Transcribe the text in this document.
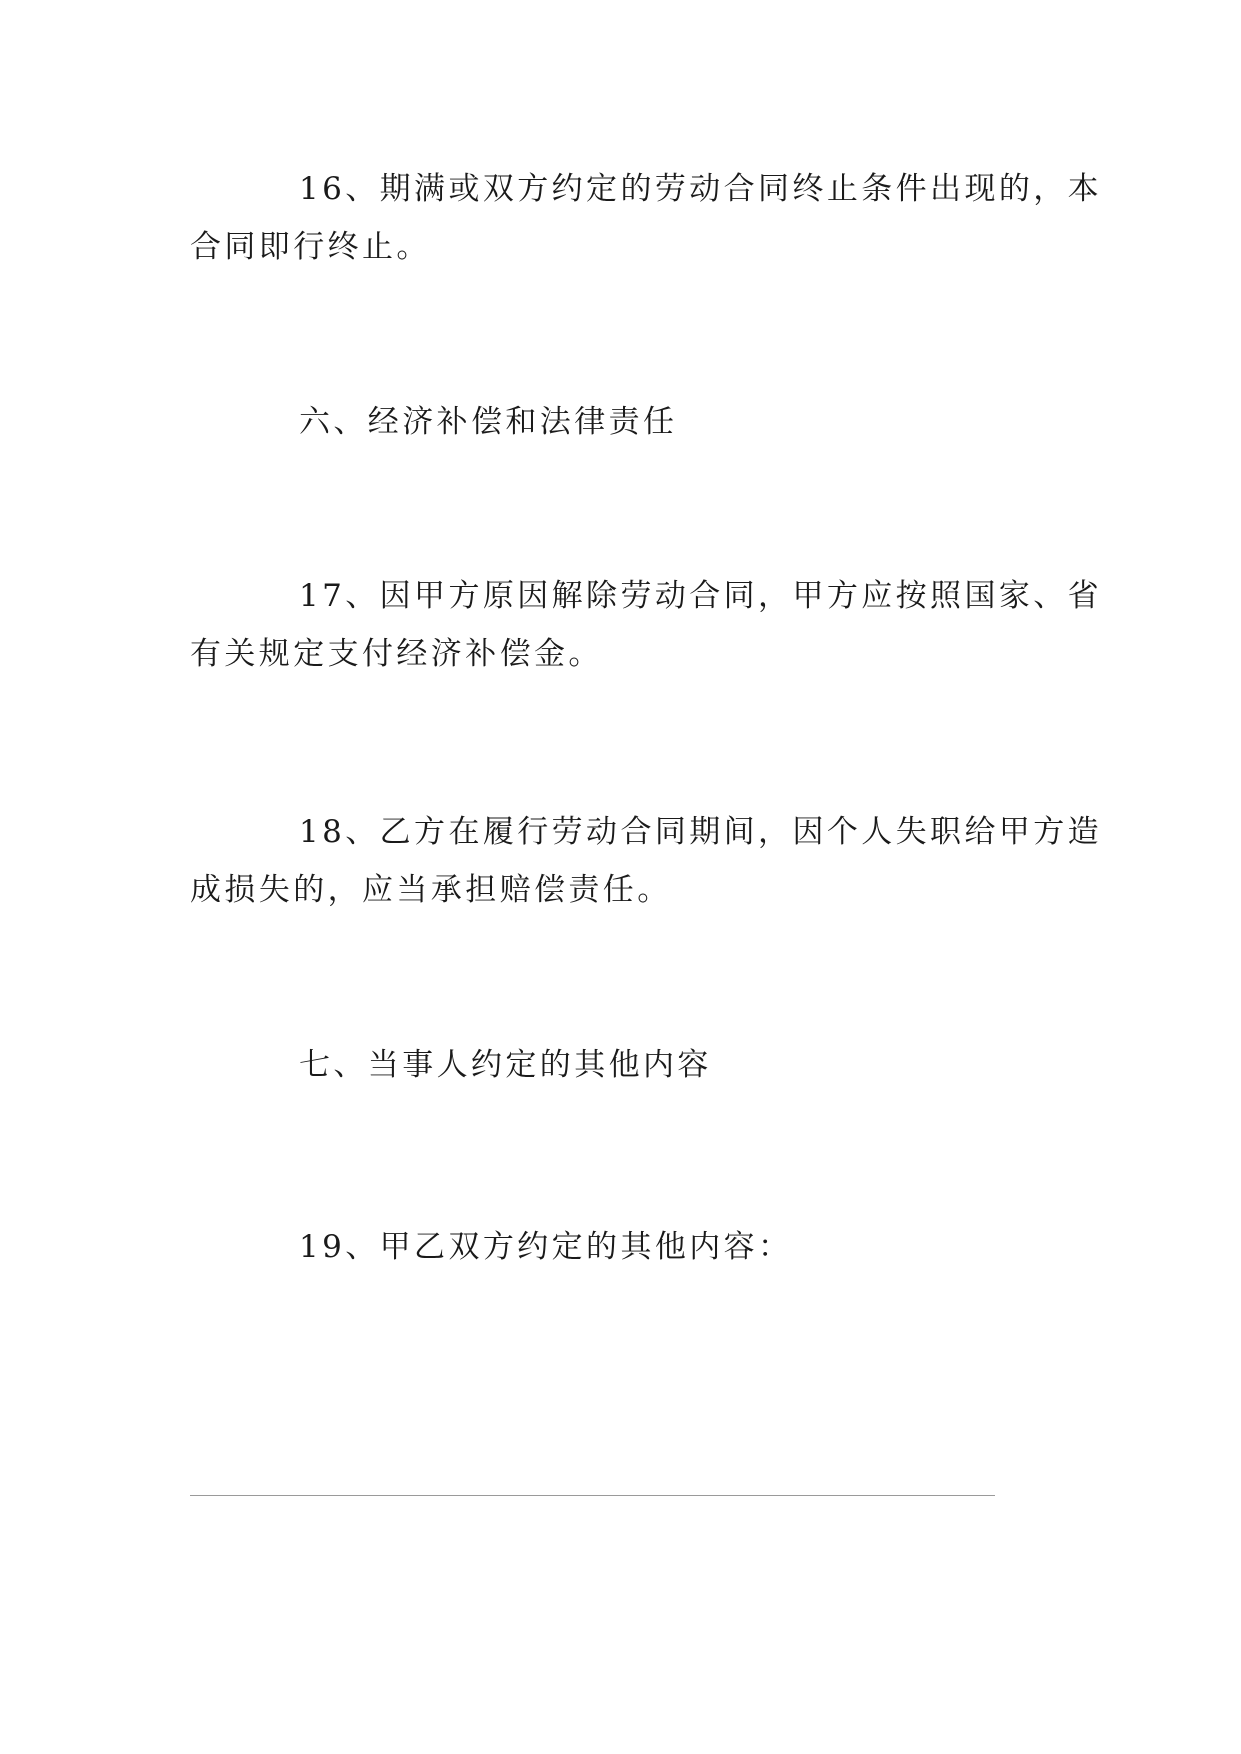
16、期满或双方约定的劳动合同终止条件出现的，本
合同即行终止。

六、经济补偿和法律责任

17、因甲方原因解除劳动合同，甲方应按照国家、省
有关规定支付经济补偿金。

18、乙方在履行劳动合同期间，因个人失职给甲方造
成损失的，应当承担赔偿责任。

七、当事人约定的其他内容

19、甲乙双方约定的其他内容：
